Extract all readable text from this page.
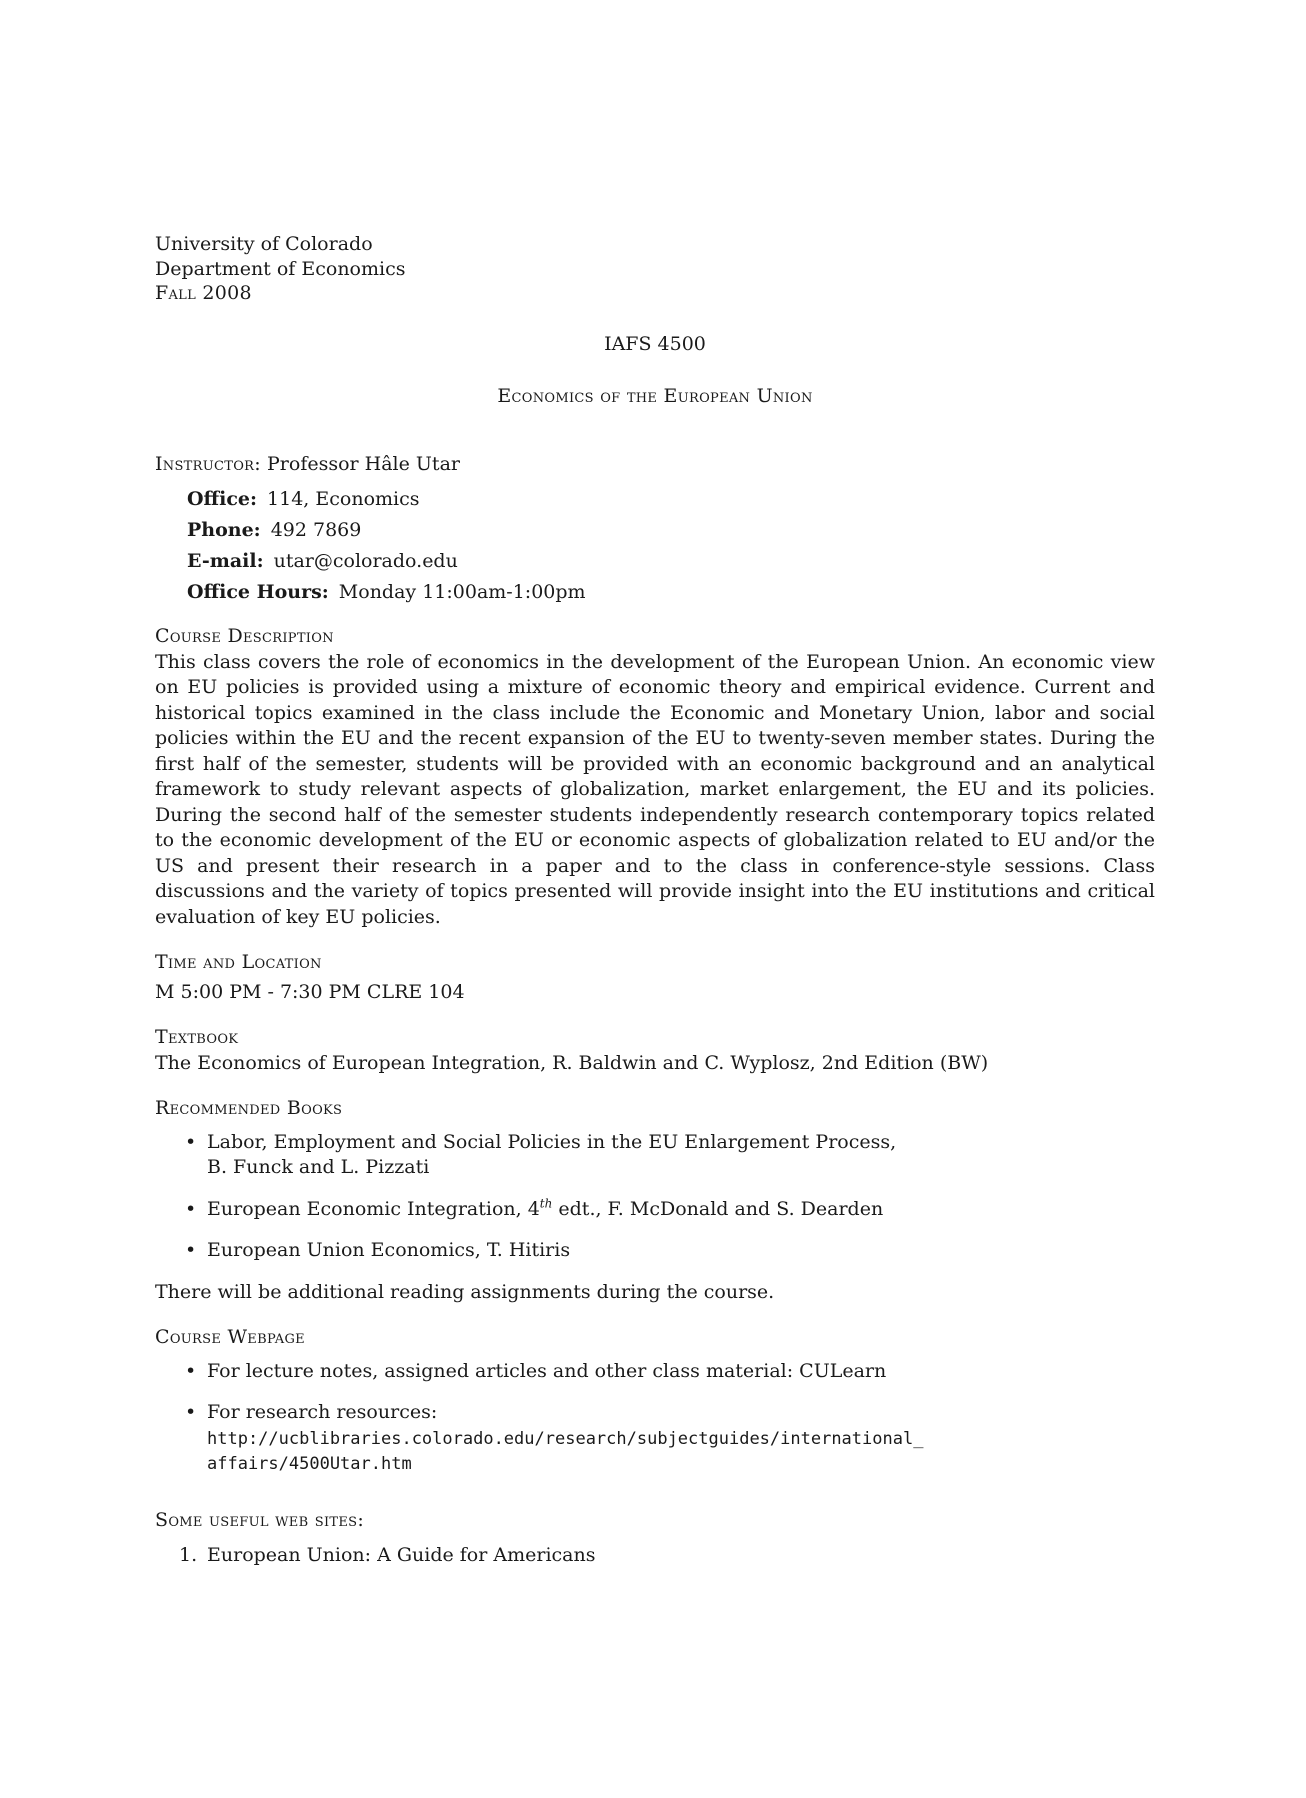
University of Colorado
Department of Economics
Fall 2008
IAFS 4500
Economics of the European Union
Instructor: Professor Hâle Utar
Office: 114, Economics
Phone: 492 7869
E-mail: utar@colorado.edu
Office Hours: Monday 11:00am-1:00pm
Course Description

This class covers the role of economics in the development of the European Union. An economic view on EU policies is provided using a mixture of economic theory and empirical evidence. Current and historical topics examined in the class include the Economic and Monetary Union, labor and social policies within the EU and the recent expansion of the EU to twenty-seven member states. During the first half of the semester, students will be provided with an economic background and an analytical framework to study relevant aspects of globalization, market enlargement, the EU and its policies. During the second half of the semester students independently research contemporary topics related to the economic development of the EU or economic aspects of globalization related to EU and/or the US and present their research in a paper and to the class in conference-style sessions. Class discussions and the variety of topics presented will provide insight into the EU institutions and critical evaluation of key EU policies.

Time and Location
M 5:00 PM - 7:30 PM CLRE 104
Textbook
The Economics of European Integration, R. Baldwin and C. Wyplosz, 2nd Edition (BW)
Recommended Books
• Labor, Employment and Social Policies in the EU Enlargement Process,
B. Funck and L. Pizzati
• European Economic Integration, 4th edt., F. McDonald and S. Dearden
• European Union Economics, T. Hitiris
There will be additional reading assignments during the course.
Course Webpage
• For lecture notes, assigned articles and other class material: CULearn
• For research resources: http://ucblibraries.colorado.edu/research/subjectguides/international_
affairs/4500Utar.htm
Some useful web sites:
1. European Union: A Guide for Americans
